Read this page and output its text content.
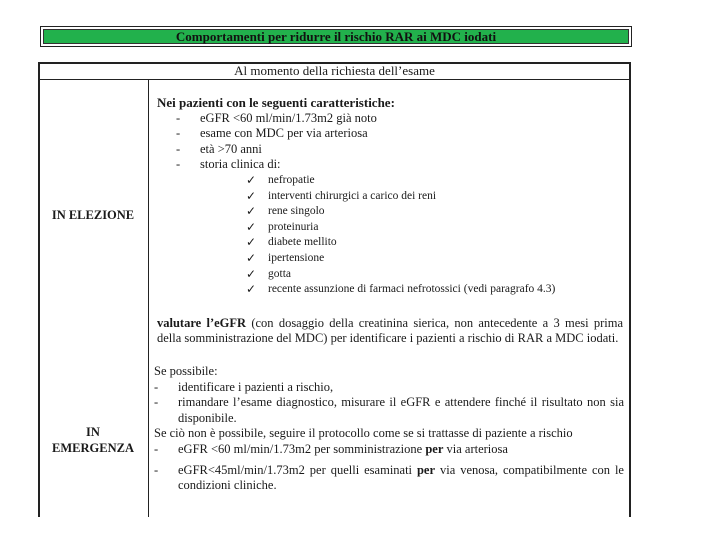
Comportamenti per ridurre il rischio RAR ai MDC iodati
Al momento della richiesta dell’esame
IN ELEZIONE
Nei pazienti con le seguenti caratteristiche:
- eGFR <60 ml/min/1.73m2 già noto
- esame con MDC per via arteriosa
- età >70 anni
- storia clinica di:
✓ nefropatie
✓ interventi chirurgici a carico dei reni
✓ rene singolo
✓ proteinuria
✓ diabete mellito
✓ ipertensione
✓ gotta
✓ recente assunzione di farmaci nefrotossici (vedi paragrafo 4.3)
valutare l’eGFR (con dosaggio della creatinina sierica, non antecedente a 3 mesi prima della somministrazione del MDC) per identificare i pazienti a rischio di RAR a MDC iodati.
IN
EMERGENZA
Se possibile:
- identificare i pazienti a rischio,
- rimandare l’esame diagnostico, misurare il eGFR e attendere finché il risultato non sia disponibile.
Se ciò non è possibile, seguire il protocollo come se si trattasse di paziente a rischio
- eGFR <60 ml/min/1.73m2 per somministrazione per via arteriosa
- eGFR<45ml/min/1.73m2 per quelli esaminati per via venosa, compatibilmente con le condizioni cliniche.
